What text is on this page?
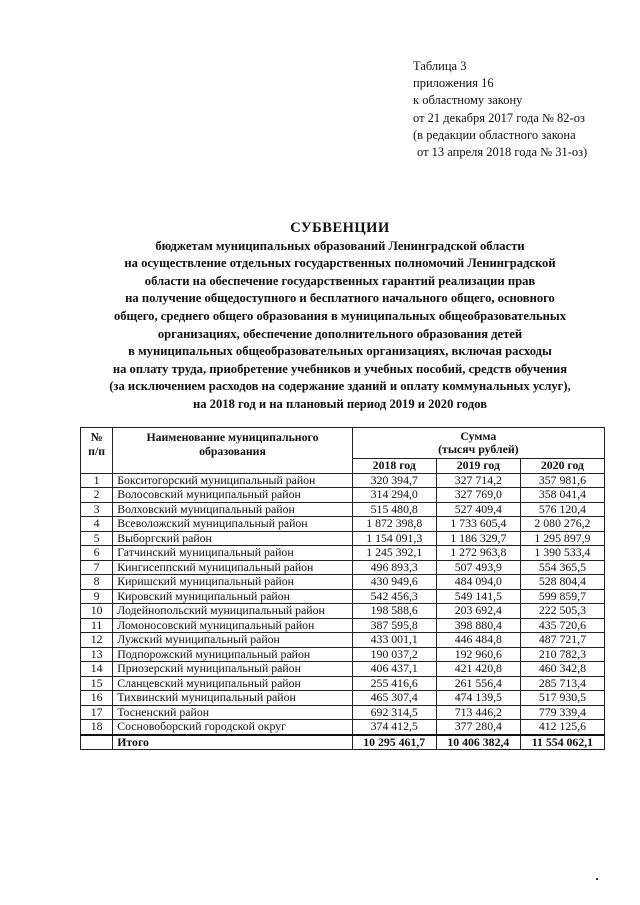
Таблица 3
приложения 16
к областному закону
от 21 декабря 2017 года № 82-оз
(в редакции областного закона
от 13 апреля 2018 года № 31-оз)
СУБВЕНЦИИ
бюджетам муниципальных образований Ленинградской области
на осуществление отдельных государственных полномочий Ленинградской
области на обеспечение государственных гарантий реализации прав
на получение общедоступного и бесплатного начального общего, основного
общего, среднего общего образования в муниципальных общеобразовательных
организациях, обеспечение дополнительного образования детей
в муниципальных общеобразовательных организациях, включая расходы
на оплату труда, приобретение учебников и учебных пособий, средств обучения
(за исключением расходов на содержание зданий и оплату коммунальных услуг),
на 2018 год и на плановый период 2019 и 2020 годов
№ п/п	Наименование муниципального образования	Сумма
(тысяч рублей)		

		2018 год	2019 год	2020 год
1	Бокситогорский муниципальный район	320 394,7	327 714,2	357 981,6
2	Волосовский муниципальный район	314 294,0	327 769,0	358 041,4
3	Волховский муниципальный район	515 480,8	527 409,4	576 120,4
4	Всеволожский муниципальный район	1 872 398,8	1 733 605,4	2 080 276,2
5	Выборгский район	1 154 091,3	1 186 329,7	1 295 897,9
6	Гатчинский муниципальный район	1 245 392,1	1 272 963,8	1 390 533,4
7	Кингисеппский муниципальный район	496 893,3	507 493,9	554 365,5
8	Киришский муниципальный район	430 949,6	484 094,0	528 804,4
9	Кировский муниципальный район	542 456,3	549 141,5	599 859,7
10	Лодейнопольский муниципальный район	198 588,6	203 692,4	222 505,3
11	Ломоносовский муниципальный район	387 595,8	398 880,4	435 720,6
12	Лужский муниципальный район	433 001,1	446 484,8	487 721,7
13	Подпорожский муниципальный район	190 037,2	192 960,6	210 782,3
14	Приозерский муниципальный район	406 437,1	421 420,8	460 342,8
15	Сланцевский муниципальный район	255 416,6	261 556,4	285 713,4
16	Тихвинский муниципальный район	465 307,4	474 139,5	517 930,5
17	Тосненский район	692 314,5	713 446,2	779 339,4
18	Сосновоборский городской округ	374 412,5	377 280,4	412 125,6
	Итого	10 295 461,7	10 406 382,4	11 554 062,1
